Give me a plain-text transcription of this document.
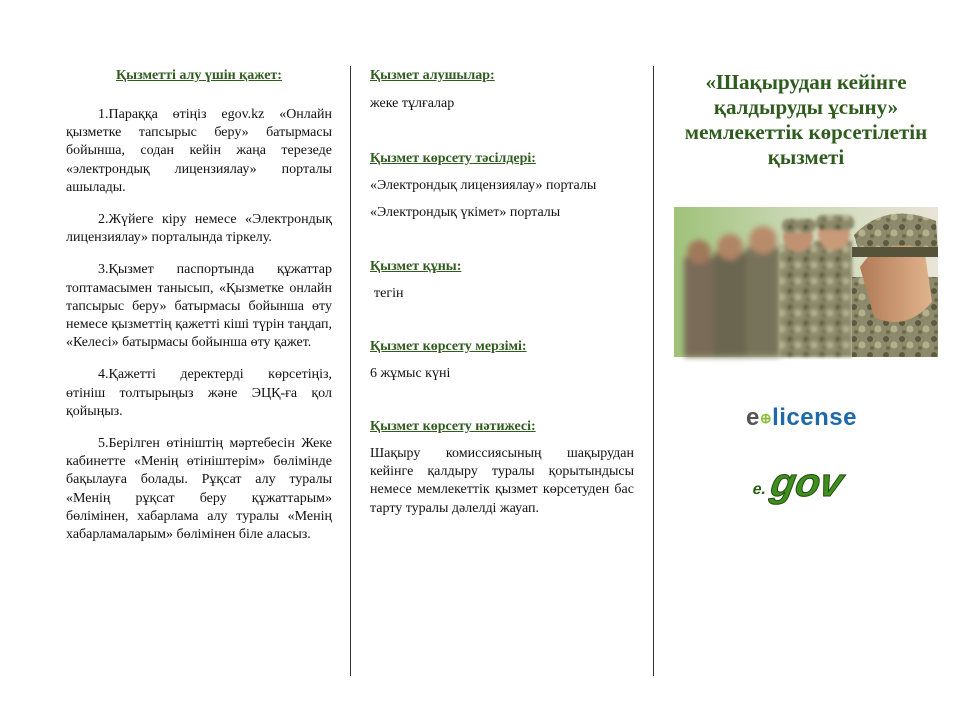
Қызметті алу үшін қажет:

1.Параққа өтіңіз egov.kz «Онлайн қызметке тапсырыс беру» батырмасы бойынша, содан кейін жаңа терезеде «электрондық лицензиялау» порталы ашылады.

2.Жүйеге кіру немесе «Электрондық лицензиялау» порталында тіркелу.

3.Қызмет паспортында құжаттар топтамасымен танысып, «Қызметке онлайн тапсырыс беру» батырмасы бойынша өту немесе қызметтің қажетті кіші түрін таңдап, «Келесі» батырмасы бойынша өту қажет.

4.Қажетті деректерді көрсетіңіз, өтініш толтырыңыз және ЭЦҚ-ға қол қойыңыз.

5.Берілген өтініштің мәртебесін Жеке кабинетте «Менің өтініштерім» бөлімінде бақылауға болады. Рұқсат алу туралы «Менің рұқсат беру құжаттарым» бөлімінен, хабарлама алу туралы «Менің хабарламаларым» бөлімінен біле аласыз.

Қызмет алушылар:

жеке тұлғалар

Қызмет көрсету тәсілдері:

«Электрондық лицензиялау» порталы

«Электрондық үкімет» порталы

Қызмет құны:

тегін

Қызмет көрсету мерзімі:

6 жұмыс күні

Қызмет көрсету нәтижесі:

Шақыру комиссиясының шақырудан кейінге қалдыру туралы қорытындысы немесе мемлекеттік қызмет көрсетуден бас тарту туралы дәлелді жауап.

«Шақырудан кейінге қалдыруды ұсыну» мемлекеттік көрсетілетін қызметі
e⊕license
e. gov
